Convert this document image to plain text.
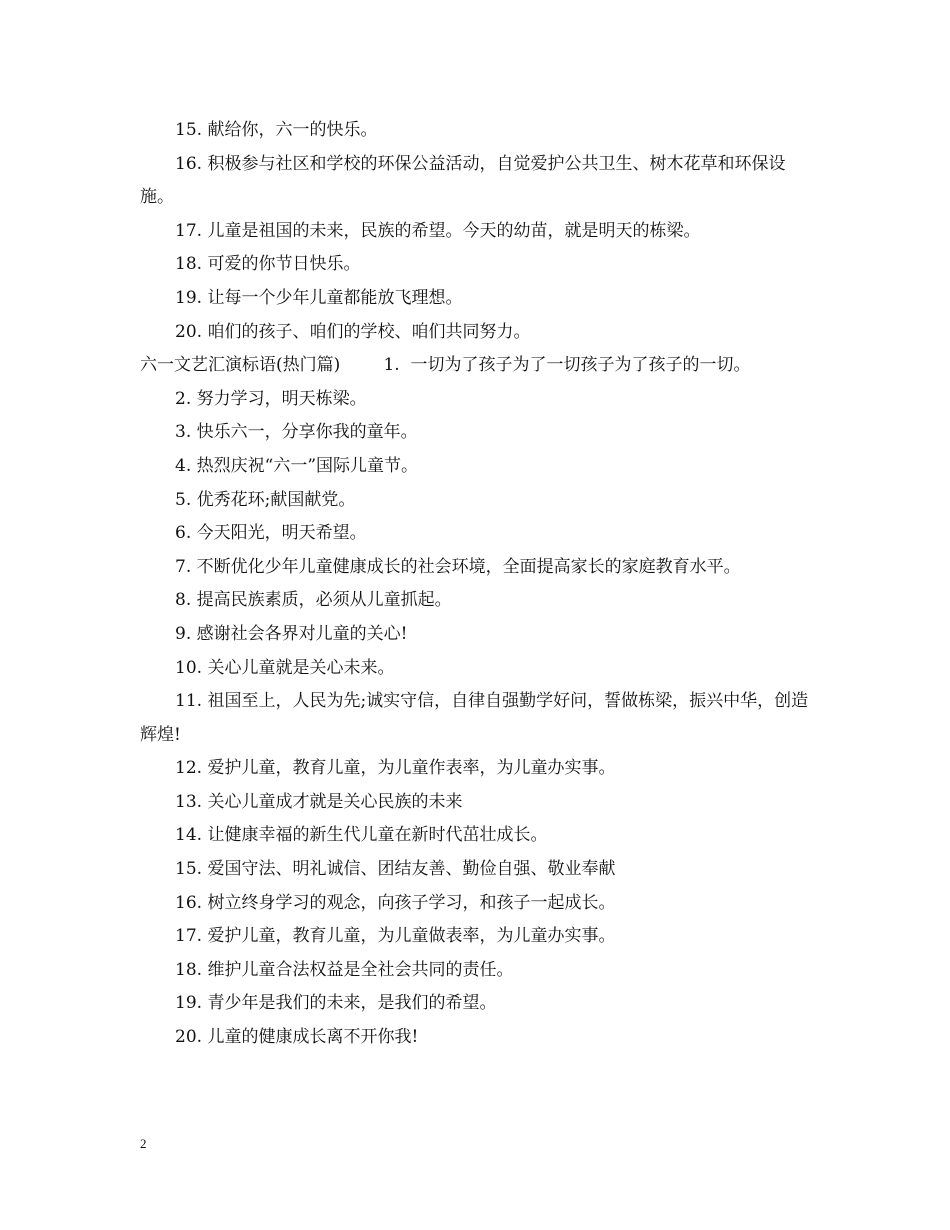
15. 献给你，六一的快乐。

16. 积极参与社区和学校的环保公益活动，自觉爱护公共卫生、树木花草和环保设施。

17. 儿童是祖国的未来，民族的希望。今天的幼苗，就是明天的栋梁。

18. 可爱的你节日快乐。

19. 让每一个少年儿童都能放飞理想。

20. 咱们的孩子、咱们的学校、咱们共同努力。

六一文艺汇演标语(热门篇)        1.  一切为了孩子为了一切孩子为了孩子的一切。

2. 努力学习，明天栋梁。

3. 快乐六一，分享你我的童年。

4. 热烈庆祝“六一”国际儿童节。

5. 优秀花环;献国献党。

6. 今天阳光，明天希望。

7. 不断优化少年儿童健康成长的社会环境，全面提高家长的家庭教育水平。

8. 提高民族素质，必须从儿童抓起。

9. 感谢社会各界对儿童的关心!

10. 关心儿童就是关心未来。

11. 祖国至上，人民为先;诚实守信，自律自强勤学好问，誓做栋梁，振兴中华，创造辉煌!

12. 爱护儿童，教育儿童，为儿童作表率，为儿童办实事。

13. 关心儿童成才就是关心民族的未来

14. 让健康幸福的新生代儿童在新时代茁壮成长。

15. 爱国守法、明礼诚信、团结友善、勤俭自强、敬业奉献

16. 树立终身学习的观念，向孩子学习，和孩子一起成长。

17. 爱护儿童，教育儿童，为儿童做表率，为儿童办实事。

18. 维护儿童合法权益是全社会共同的责任。

19. 青少年是我们的未来，是我们的希望。

20. 儿童的健康成长离不开你我!

2
